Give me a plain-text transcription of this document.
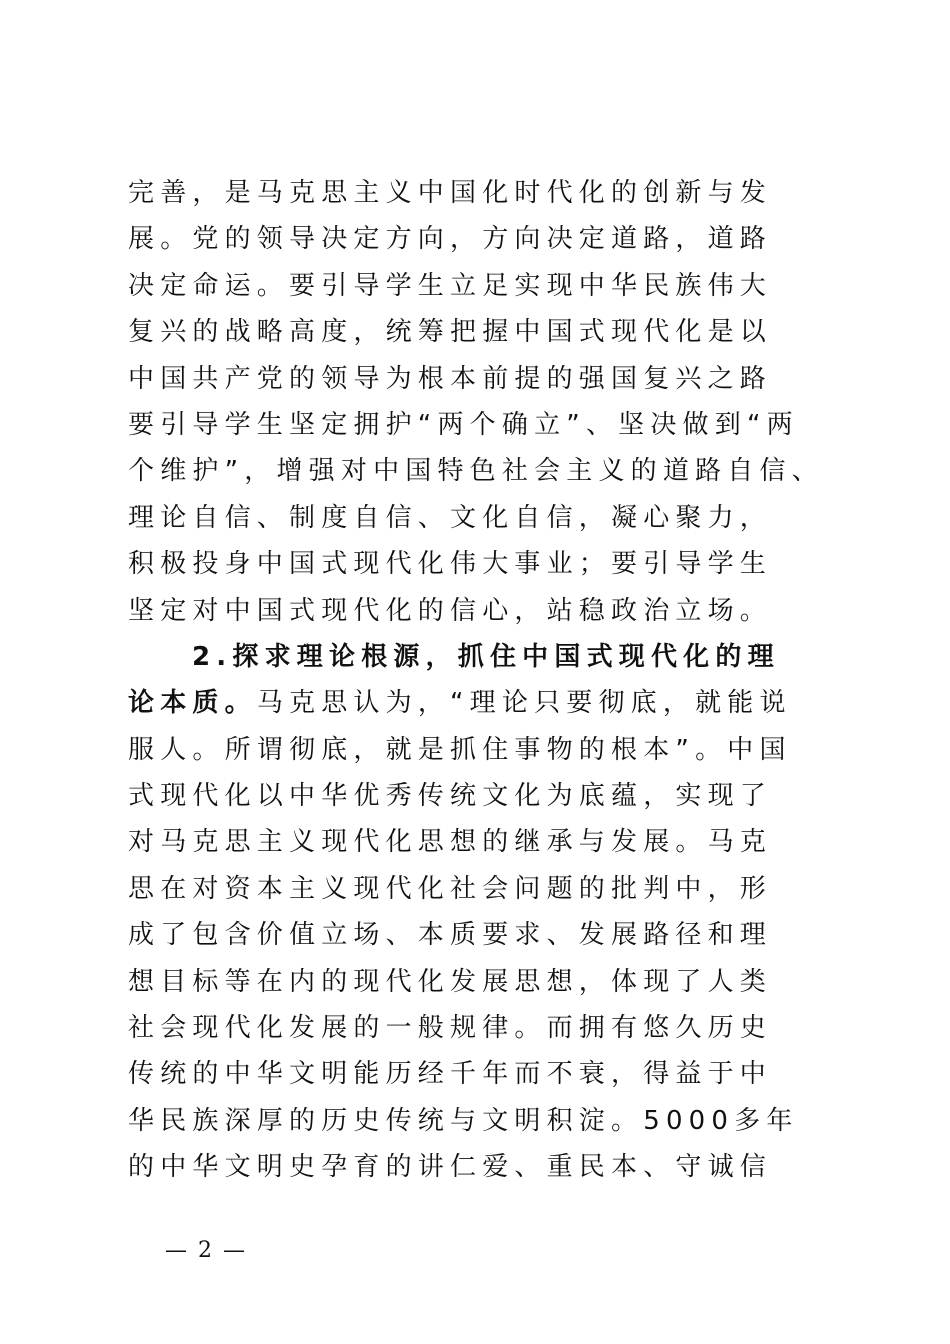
完善，是马克思主义中国化时代化的创新与发
展。党的领导决定方向，方向决定道路，道路
决定命运。要引导学生立足实现中华民族伟大
复兴的战略高度，统筹把握中国式现代化是以
中国共产党的领导为根本前提的强国复兴之路
要引导学生坚定拥护“两个确立”、坚决做到“两
个维护”，增强对中国特色社会主义的道路自信、
理论自信、制度自信、文化自信，凝心聚力，
积极投身中国式现代化伟大事业；要引导学生
坚定对中国式现代化的信心，站稳政治立场。
2.探求理论根源，抓住中国式现代化的理
论本质。马克思认为，“理论只要彻底，就能说
服人。所谓彻底，就是抓住事物的根本”。中国
式现代化以中华优秀传统文化为底蕴，实现了
对马克思主义现代化思想的继承与发展。马克
思在对资本主义现代化社会问题的批判中，形
成了包含价值立场、本质要求、发展路径和理
想目标等在内的现代化发展思想，体现了人类
社会现代化发展的一般规律。而拥有悠久历史
传统的中华文明能历经千年而不衰，得益于中
华民族深厚的历史传统与文明积淀。5000多年
的中华文明史孕育的讲仁爱、重民本、守诚信
— 2 —
